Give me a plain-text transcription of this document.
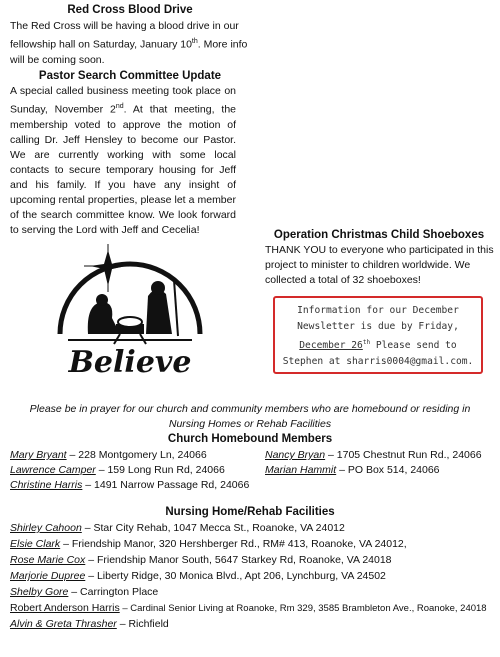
Red Cross Blood Drive
The Red Cross will be having a blood drive in our fellowship hall on Saturday, January 10th. More info will be coming soon.
Pastor Search Committee Update
A special called business meeting took place on Sunday, November 2nd. At that meeting, the membership voted to approve the motion of calling Dr. Jeff Hensley to become our Pastor. We are currently working with some local contacts to secure temporary housing for Jeff and his family. If you have any insight of upcoming rental properties, please let a member of the search committee know. We look forward to serving the Lord with Jeff and Cecelia!	Operation Christmas Child Shoeboxes
THANK YOU to everyone who participated in this project to minister to children worldwide. We collected a total of 32 shoeboxes!
Believe
Information for our December
Newsletter is due by Friday,
December 26th Please send to
Stephen at sharris0004@gmail.com.
Please be in prayer for our church and community members who are homebound or residing in Nursing Homes or Rehab Facilities
Church Homebound Members
Mary Bryant – 228 Montgomery Ln, 24066	Nancy Bryan – 1705 Chestnut Run Rd., 24066
Lawrence Camper – 159 Long Run Rd, 24066	Marian Hammit – PO Box 514, 24066
Christine Harris – 1491 Narrow Passage Rd, 24066
Nursing Home/Rehab Facilities
Shirley Cahoon – Star City Rehab, 1047 Mecca St., Roanoke, VA 24012
Elsie Clark – Friendship Manor, 320 Hershberger Rd., RM# 413, Roanoke, VA 24012,
Rose Marie Cox – Friendship Manor South, 5647 Starkey Rd, Roanoke, VA 24018
Marjorie Dupree – Liberty Ridge, 30 Monica Blvd., Apt 206, Lynchburg, VA 24502
Shelby Gore – Carrington Place
Robert Anderson Harris – Cardinal Senior Living at Roanoke, Rm 329, 3585 Brambleton Ave., Roanoke, 24018
Alvin & Greta Thrasher – Richfield
